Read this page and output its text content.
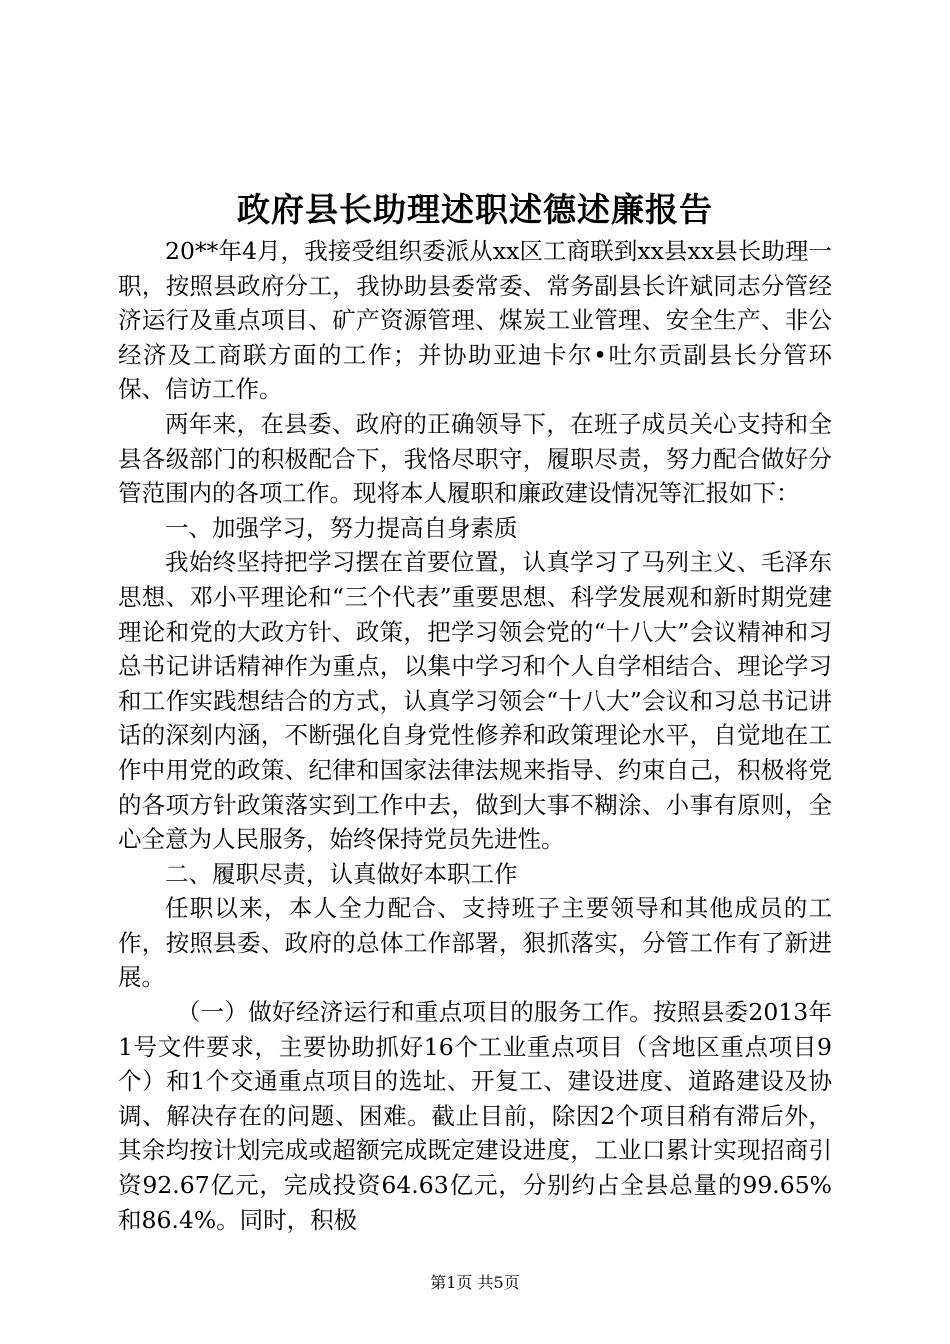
政府县长助理述职述德述廉报告

20**年4月，我接受组织委派从xx区工商联到xx县xx县长助理一职，按照县政府分工，我协助县委常委、常务副县长许斌同志分管经济运行及重点项目、矿产资源管理、煤炭工业管理、安全生产、非公经济及工商联方面的工作；并协助亚迪卡尔•吐尔贡副县长分管环保、信访工作。

两年来，在县委、政府的正确领导下，在班子成员关心支持和全县各级部门的积极配合下，我恪尽职守，履职尽责，努力配合做好分管范围内的各项工作。现将本人履职和廉政建设情况等汇报如下：

一、加强学习，努力提高自身素质

我始终坚持把学习摆在首要位置，认真学习了马列主义、毛泽东思想、邓小平理论和“三个代表”重要思想、科学发展观和新时期党建理论和党的大政方针、政策，把学习领会党的“十八大”会议精神和习总书记讲话精神作为重点，以集中学习和个人自学相结合、理论学习和工作实践想结合的方式，认真学习领会“十八大”会议和习总书记讲话的深刻内涵，不断强化自身党性修养和政策理论水平，自觉地在工作中用党的政策、纪律和国家法律法规来指导、约束自己，积极将党的各项方针政策落实到工作中去，做到大事不糊涂、小事有原则，全心全意为人民服务，始终保持党员先进性。

二、履职尽责，认真做好本职工作

任职以来，本人全力配合、支持班子主要领导和其他成员的工作，按照县委、政府的总体工作部署，狠抓落实，分管工作有了新进展。

（一）做好经济运行和重点项目的服务工作。按照县委2013年1号文件要求，主要协助抓好16个工业重点项目（含地区重点项目9个）和1个交通重点项目的选址、开复工、建设进度、道路建设及协调、解决存在的问题、困难。截止目前，除因2个项目稍有滞后外，其余均按计划完成或超额完成既定建设进度，工业口累计实现招商引资92.67亿元，完成投资64.63亿元，分别约占全县总量的99.65%和86.4%。同时，积极

第1页 共5页
